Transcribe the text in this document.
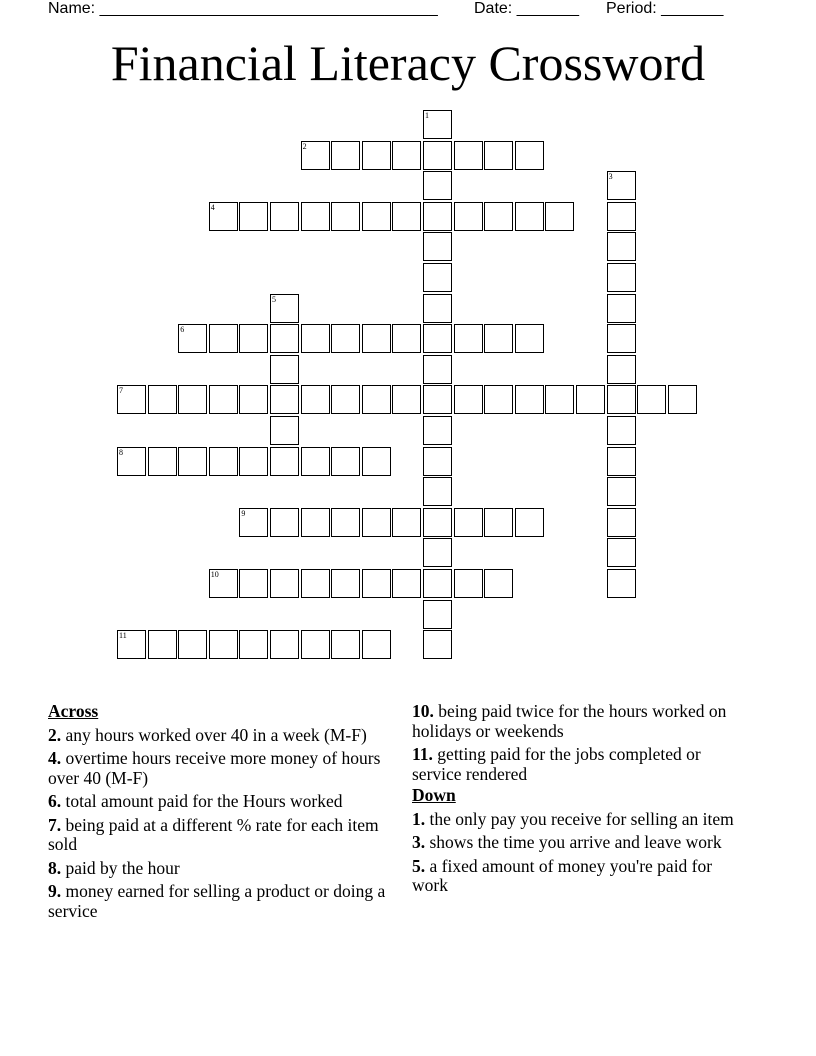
Name: ______________________________________ Date: _______ Period: _______
Financial Literacy Crossword
1
2
3
4
5
6
7
8
9
10
11
Across
2. any hours worked over 40 in a week (M-F)
4. overtime hours receive more money of hours over 40 (M-F)
6. total amount paid for the Hours worked
7. being paid at a different % rate for each item sold
8. paid by the hour
9. money earned for selling a product or doing a service
10. being paid twice for the hours worked on holidays or weekends
11. getting paid for the jobs completed or service rendered
Down
1. the only pay you receive for selling an item
3. shows the time you arrive and leave work
5. a fixed amount of money you're paid for work
